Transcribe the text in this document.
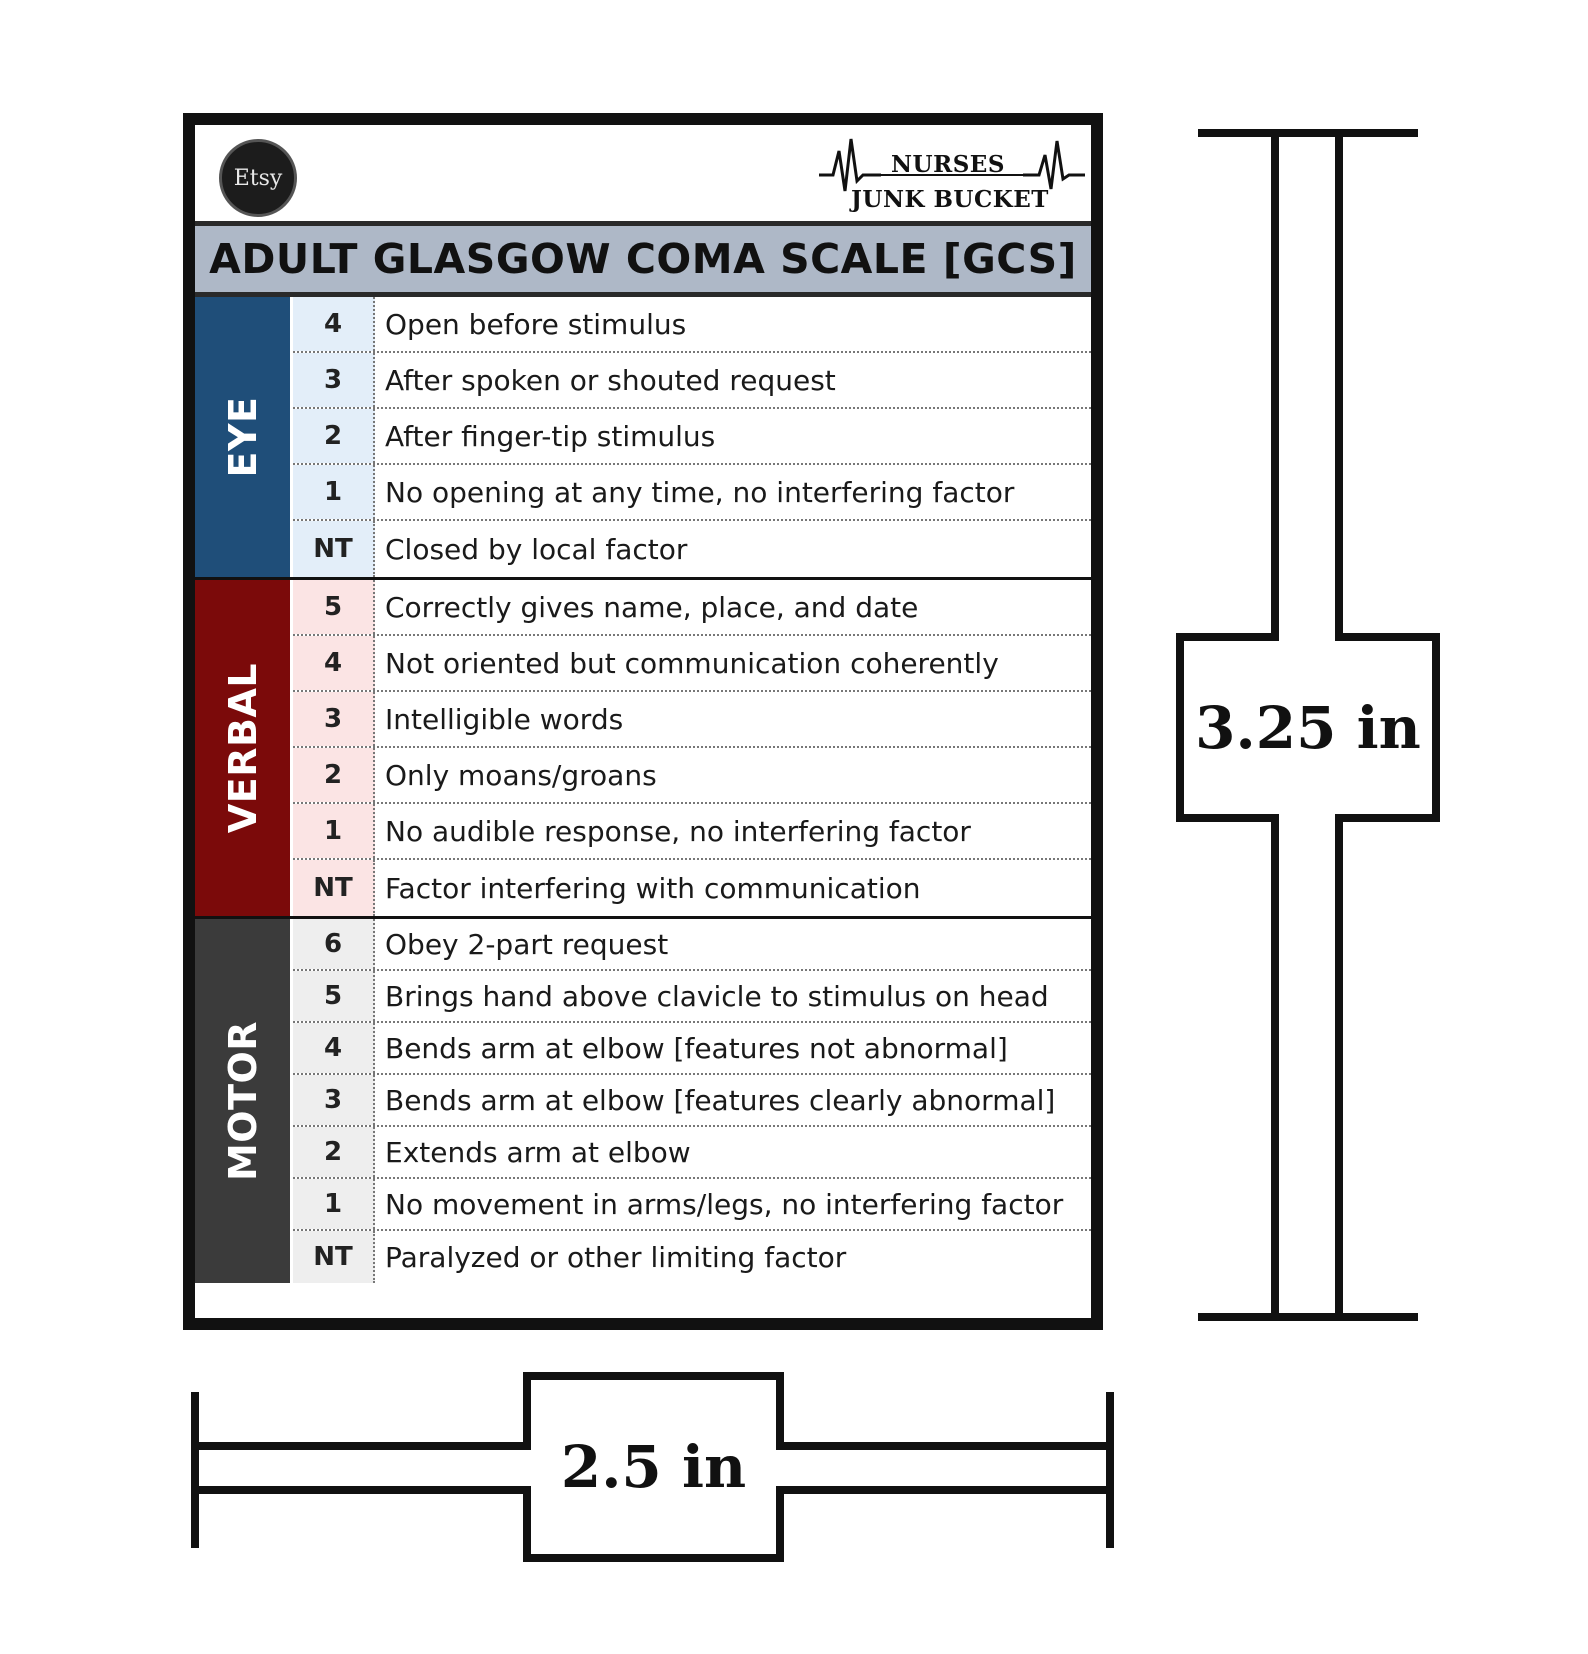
Etsy	NURSES
JUNK BUCKET
ADULT GLASGOW COMA SCALE [GCS]
EYE
4	Open before stimulus
3	After spoken or shouted request
2	After finger-tip stimulus
1	No opening at any time, no interfering factor
NT	Closed by local factor
VERBAL
5	Correctly gives name, place, and date
4	Not oriented but communication coherently
3	Intelligible words
2	Only moans/groans
1	No audible response, no interfering factor
NT	Factor interfering with communication
MOTOR
6	Obey 2-part request
5	Brings hand above clavicle to stimulus on head
4	Bends arm at elbow [features not abnormal]
3	Bends arm at elbow [features clearly abnormal]
2	Extends arm at elbow
1	No movement in arms/legs, no interfering factor
NT	Paralyzed or other limiting factor
3.25 in
2.5 in
